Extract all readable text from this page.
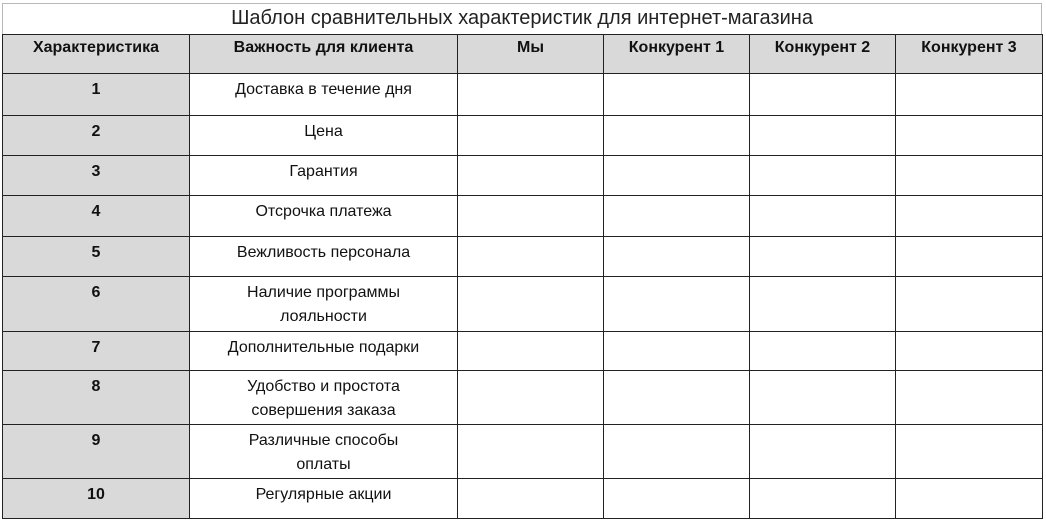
Шаблон сравнительных характеристик для интернет-магазина
Характеристика	Важность для клиента	Мы	Конкурент 1	Конкурент 2	Конкурент 3
1	Доставка в течение дня				
2	Цена				
3	Гарантия				
4	Отсрочка платежа				
5	Вежливость персонала				
6	Наличие программы
лояльности				
7	Дополнительные подарки				
8	Удобство и простота
совершения заказа				
9	Различные способы
оплаты				
10	Регулярные акции				
